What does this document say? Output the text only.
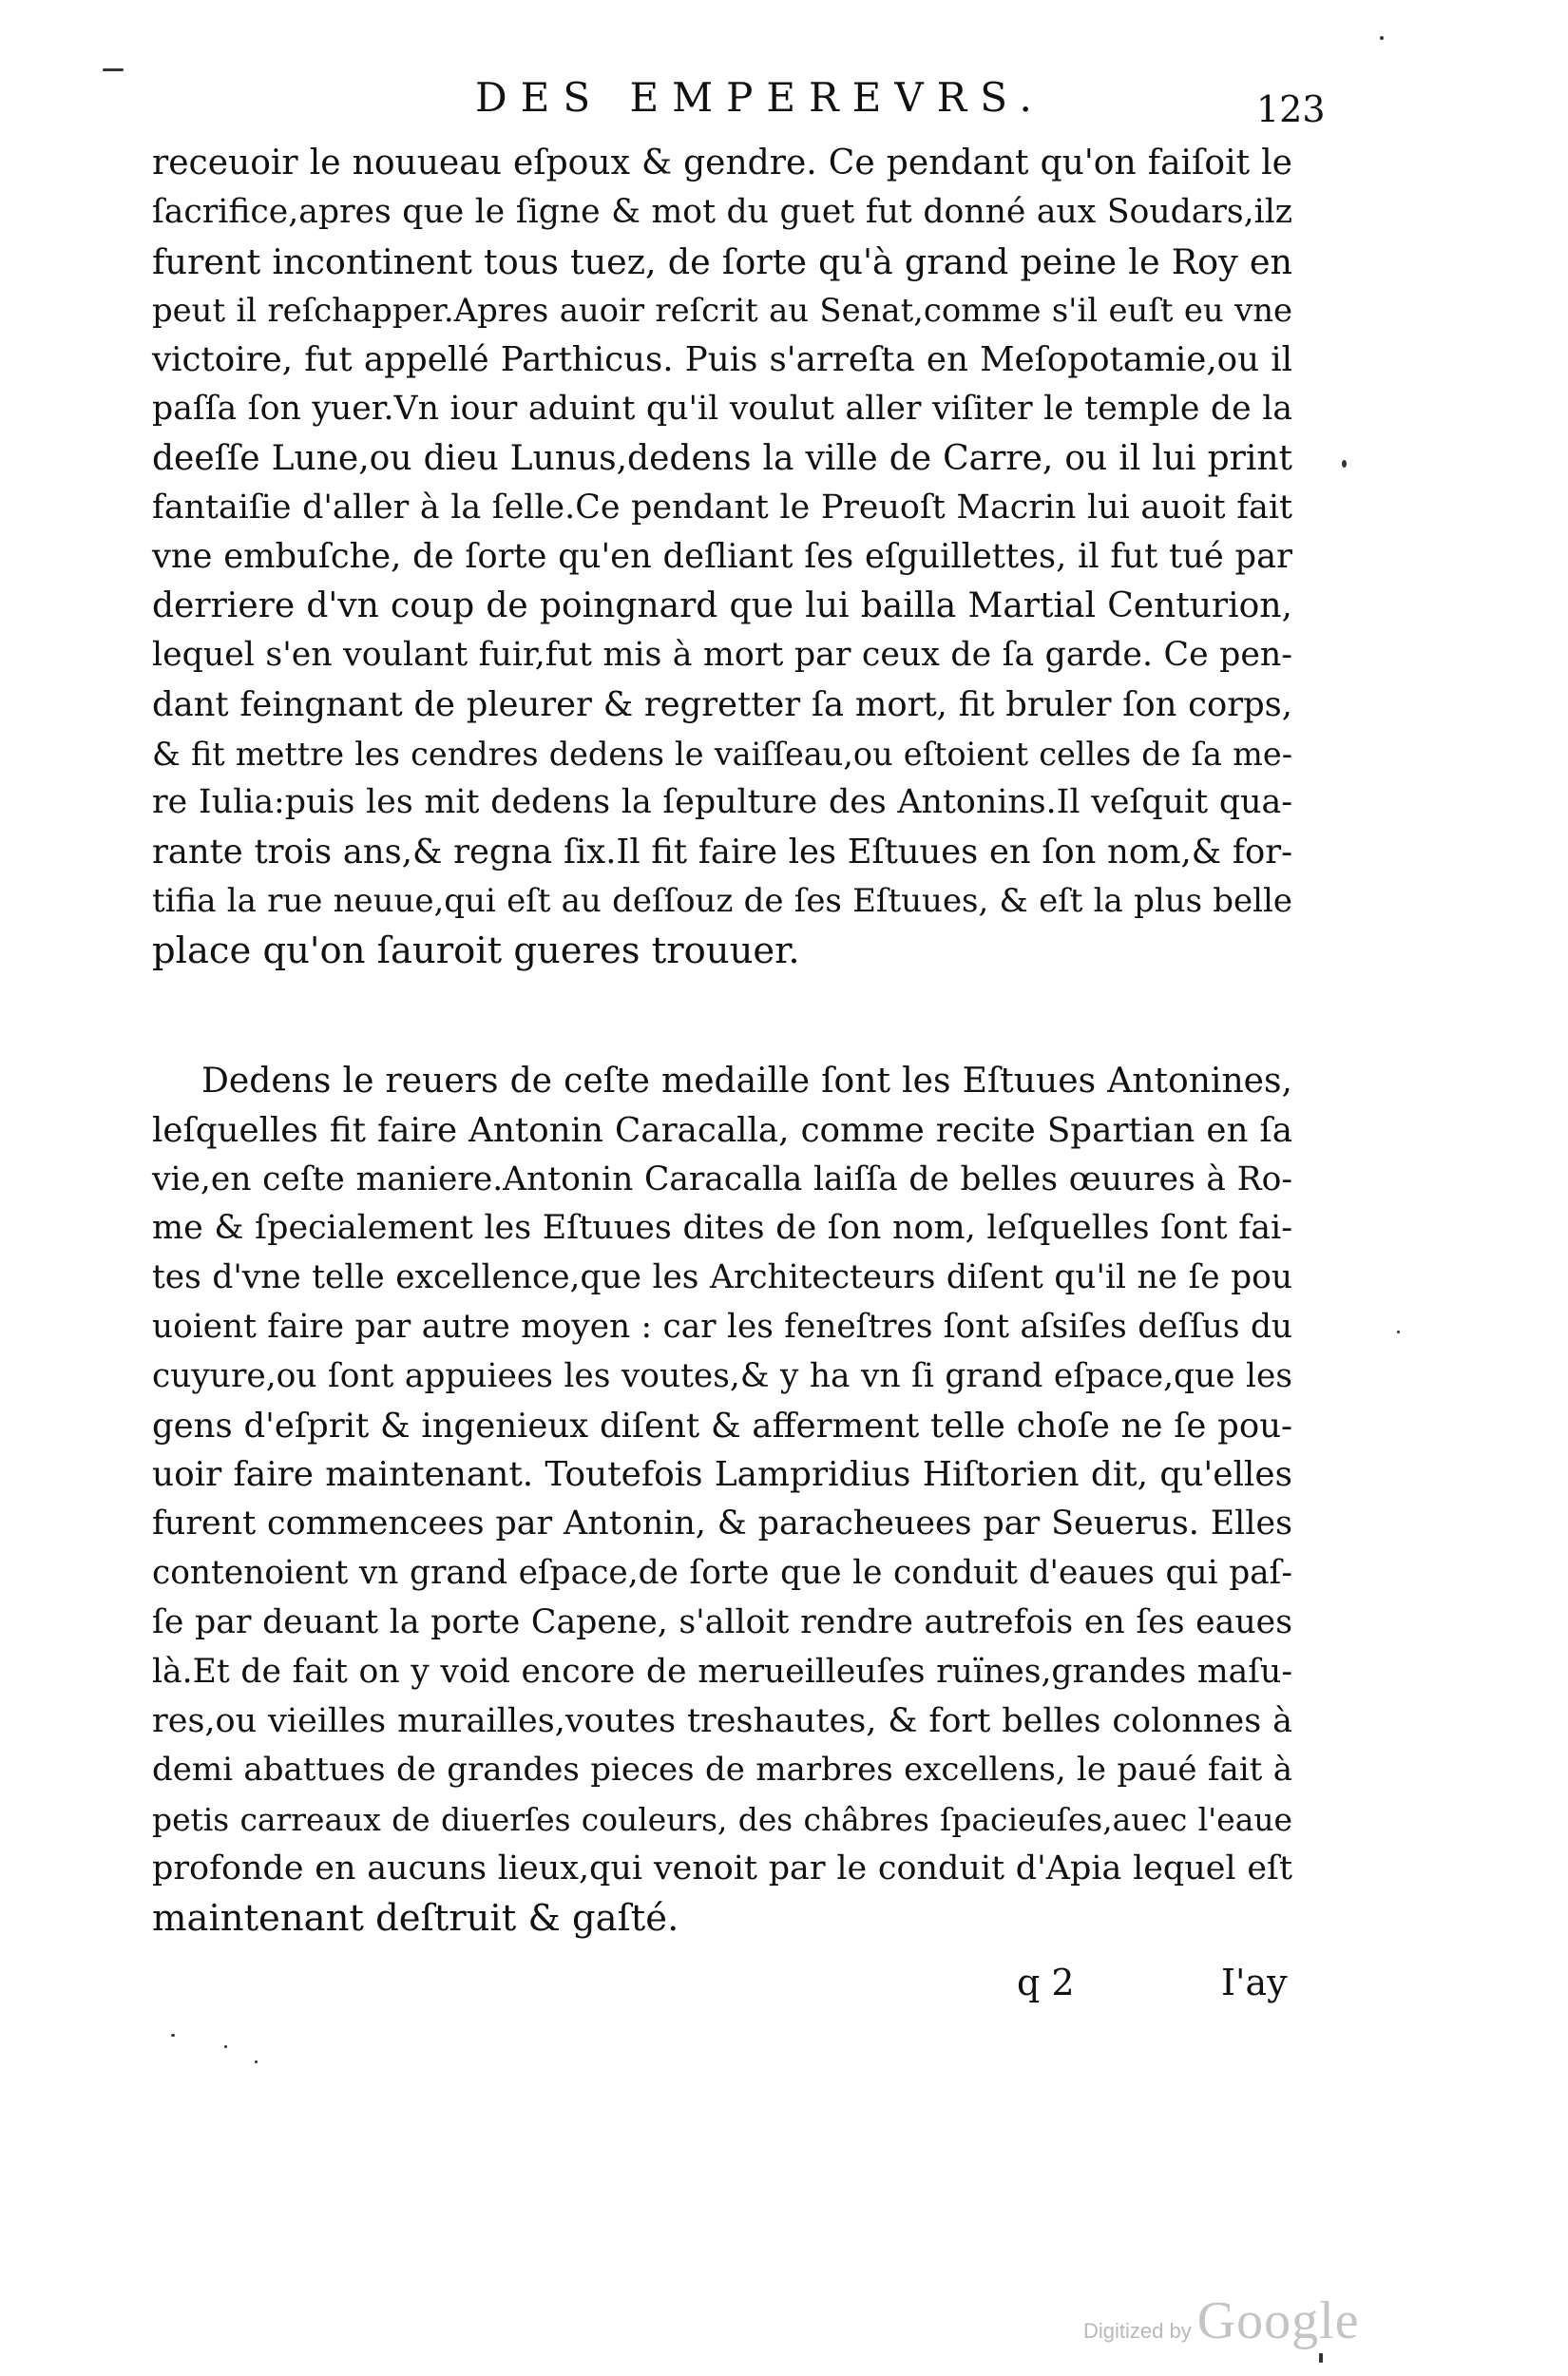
DES EMPEREVRS.	123
receuoir le nouueau eſpoux & gendre. Ce pendant qu'on faiſoit le
ſacrifice,apres que le ſigne & mot du guet fut donné aux Soudars,ilz
furent incontinent tous tuez, de ſorte qu'à grand peine le Roy en
peut il reſchapper.Apres auoir reſcrit au Senat,comme s'il euſt eu vne
victoire, fut appellé Parthicus. Puis s'arreſta en Meſopotamie,ou il
paſſa ſon yuer.Vn iour aduint qu'il voulut aller viſiter le temple de la
deeſſe Lune,ou dieu Lunus,dedens la ville de Carre, ou il lui print
fantaiſie d'aller à la ſelle.Ce pendant le Preuoſt Macrin lui auoit fait
vne embuſche, de ſorte qu'en deſliant ſes eſguillettes, il fut tué par
derriere d'vn coup de poingnard que lui bailla Martial Centurion,
lequel s'en voulant fuir,fut mis à mort par ceux de ſa garde. Ce pen-
dant feingnant de pleurer & regretter ſa mort, fit bruler ſon corps,
& fit mettre les cendres dedens le vaiſſeau,ou eſtoient celles de ſa me-
re Iulia:puis les mit dedens la ſepulture des Antonins.Il veſquit qua-
rante trois ans,& regna ſix.Il fit faire les Eſtuues en ſon nom,& for-
tifia la rue neuue,qui eſt au deſſouz de ſes Eſtuues, & eſt la plus belle
place qu'on ſauroit gueres trouuer.
Dedens le reuers de ceſte medaille ſont les Eſtuues Antonines,
leſquelles fit faire Antonin Caracalla, comme recite Spartian en ſa
vie,en ceſte maniere.Antonin Caracalla laiſſa de belles œuures à Ro-
me & ſpecialement les Eſtuues dites de ſon nom, leſquelles ſont fai-
tes d'vne telle excellence,que les Architecteurs diſent qu'il ne ſe pou
uoient faire par autre moyen : car les feneſtres ſont aſsiſes deſſus du
cuyure,ou ſont appuiees les voutes,& y ha vn ſi grand eſpace,que les
gens d'eſprit & ingenieux diſent & afferment telle choſe ne ſe pou-
uoir faire maintenant. Toutefois Lampridius Hiſtorien dit, qu'elles
furent commencees par Antonin, & paracheuees par Seuerus. Elles
contenoient vn grand eſpace,de ſorte que le conduit d'eaues qui paſ-
ſe par deuant la porte Capene, s'alloit rendre autrefois en ſes eaues
là.Et de fait on y void encore de merueilleuſes ruïnes,grandes maſu-
res,ou vieilles murailles,voutes treshautes, & fort belles colonnes à
demi abattues de grandes pieces de marbres excellens, le paué fait à
petis carreaux de diuerſes couleurs, des châbres ſpacieuſes,auec l'eaue
profonde en aucuns lieux,qui venoit par le conduit d'Apia lequel eſt
maintenant deſtruit & gaſté.
q 2	I'ay
Digitized by Google
